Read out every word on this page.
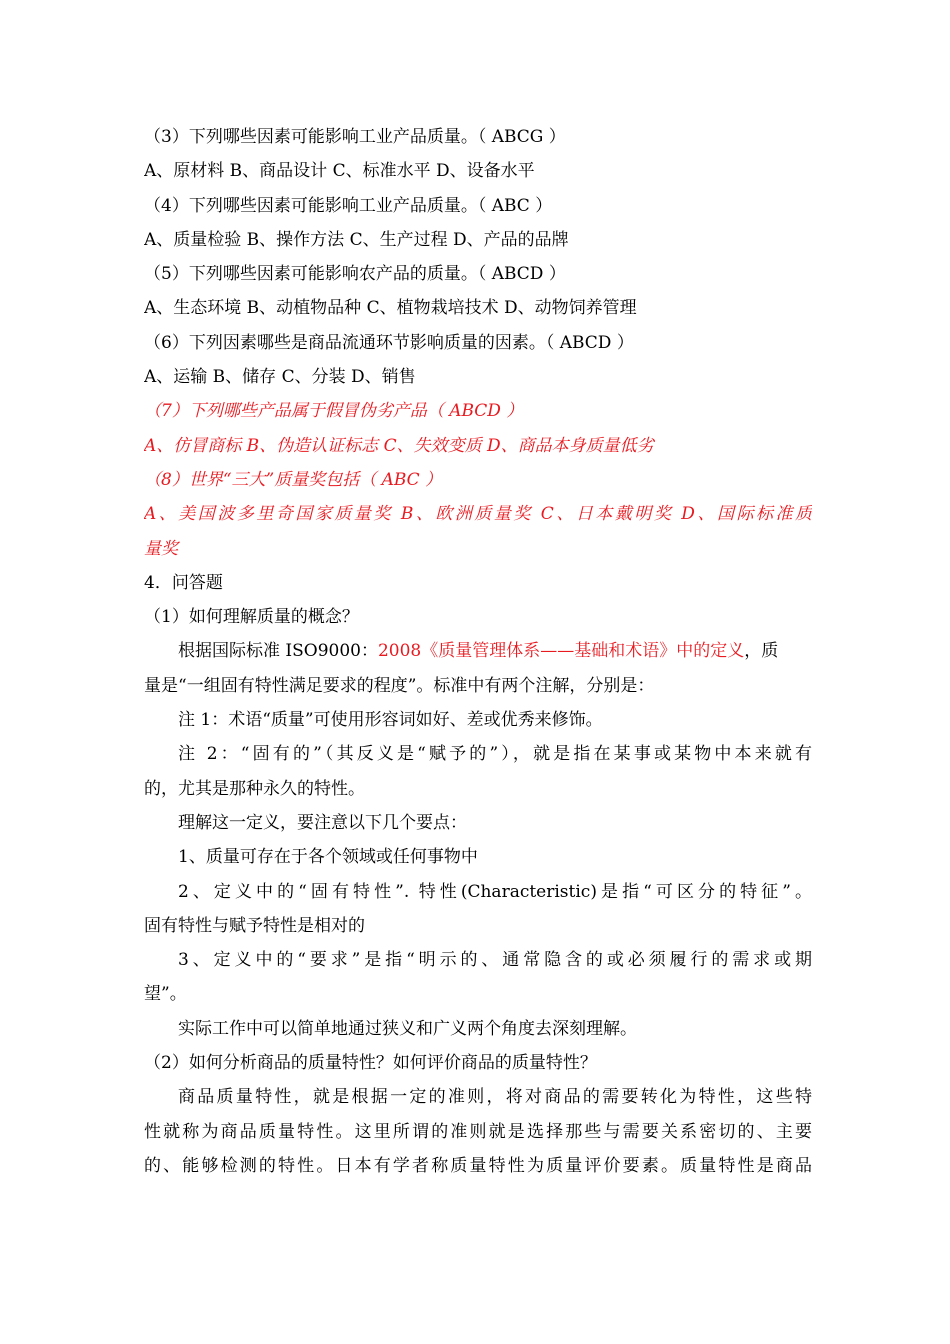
（3）下列哪些因素可能影响工业产品质量。（ ABCG ）
A、原材料 B、商品设计 C、标准水平 D、设备水平
（4）下列哪些因素可能影响工业产品质量。（ ABC ）
A、质量检验 B、操作方法 C、生产过程 D、产品的品牌
（5）下列哪些因素可能影响农产品的质量。（ ABCD ）
A、生态环境 B、动植物品种 C、植物栽培技术 D、动物饲养管理
（6）下列因素哪些是商品流通环节影响质量的因素。（ ABCD ）
A、运输 B、储存 C、分装 D、销售
（7）下列哪些产品属于假冒伪劣产品（ ABCD ）
A、仿冒商标 B、伪造认证标志 C、失效变质 D、商品本身质量低劣
（8）世界“三大”质量奖包括（ ABC ）
A、美国波多里奇国家质量奖 B、欧洲质量奖 C、日本戴明奖 D、国际标准质
量奖
4．问答题
（1）如何理解质量的概念？
根据国际标准 ISO9000：2008《质量管理体系——基础和术语》中的定义，质
量是“一组固有特性满足要求的程度”。标准中有两个注解，分别是：
注 1：术语“质量”可使用形容词如好、差或优秀来修饰。
注 2：“固有的”（其反义是“赋予的”），就是指在某事或某物中本来就有
的，尤其是那种永久的特性。
理解这一定义，要注意以下几个要点：
1、质量可存在于各个领域或任何事物中
2、定义中的“固有特性”. 特性(Characteristic)是指“可区分的特征”。
固有特性与赋予特性是相对的
3、定义中的“要求”是指“明示的、通常隐含的或必须履行的需求或期
望”。
实际工作中可以简单地通过狭义和广义两个角度去深刻理解。
（2）如何分析商品的质量特性？如何评价商品的质量特性？
商品质量特性，就是根据一定的准则，将对商品的需要转化为特性，这些特
性就称为商品质量特性。这里所谓的准则就是选择那些与需要关系密切的、主要
的、能够检测的特性。日本有学者称质量特性为质量评价要素。质量特性是商品
